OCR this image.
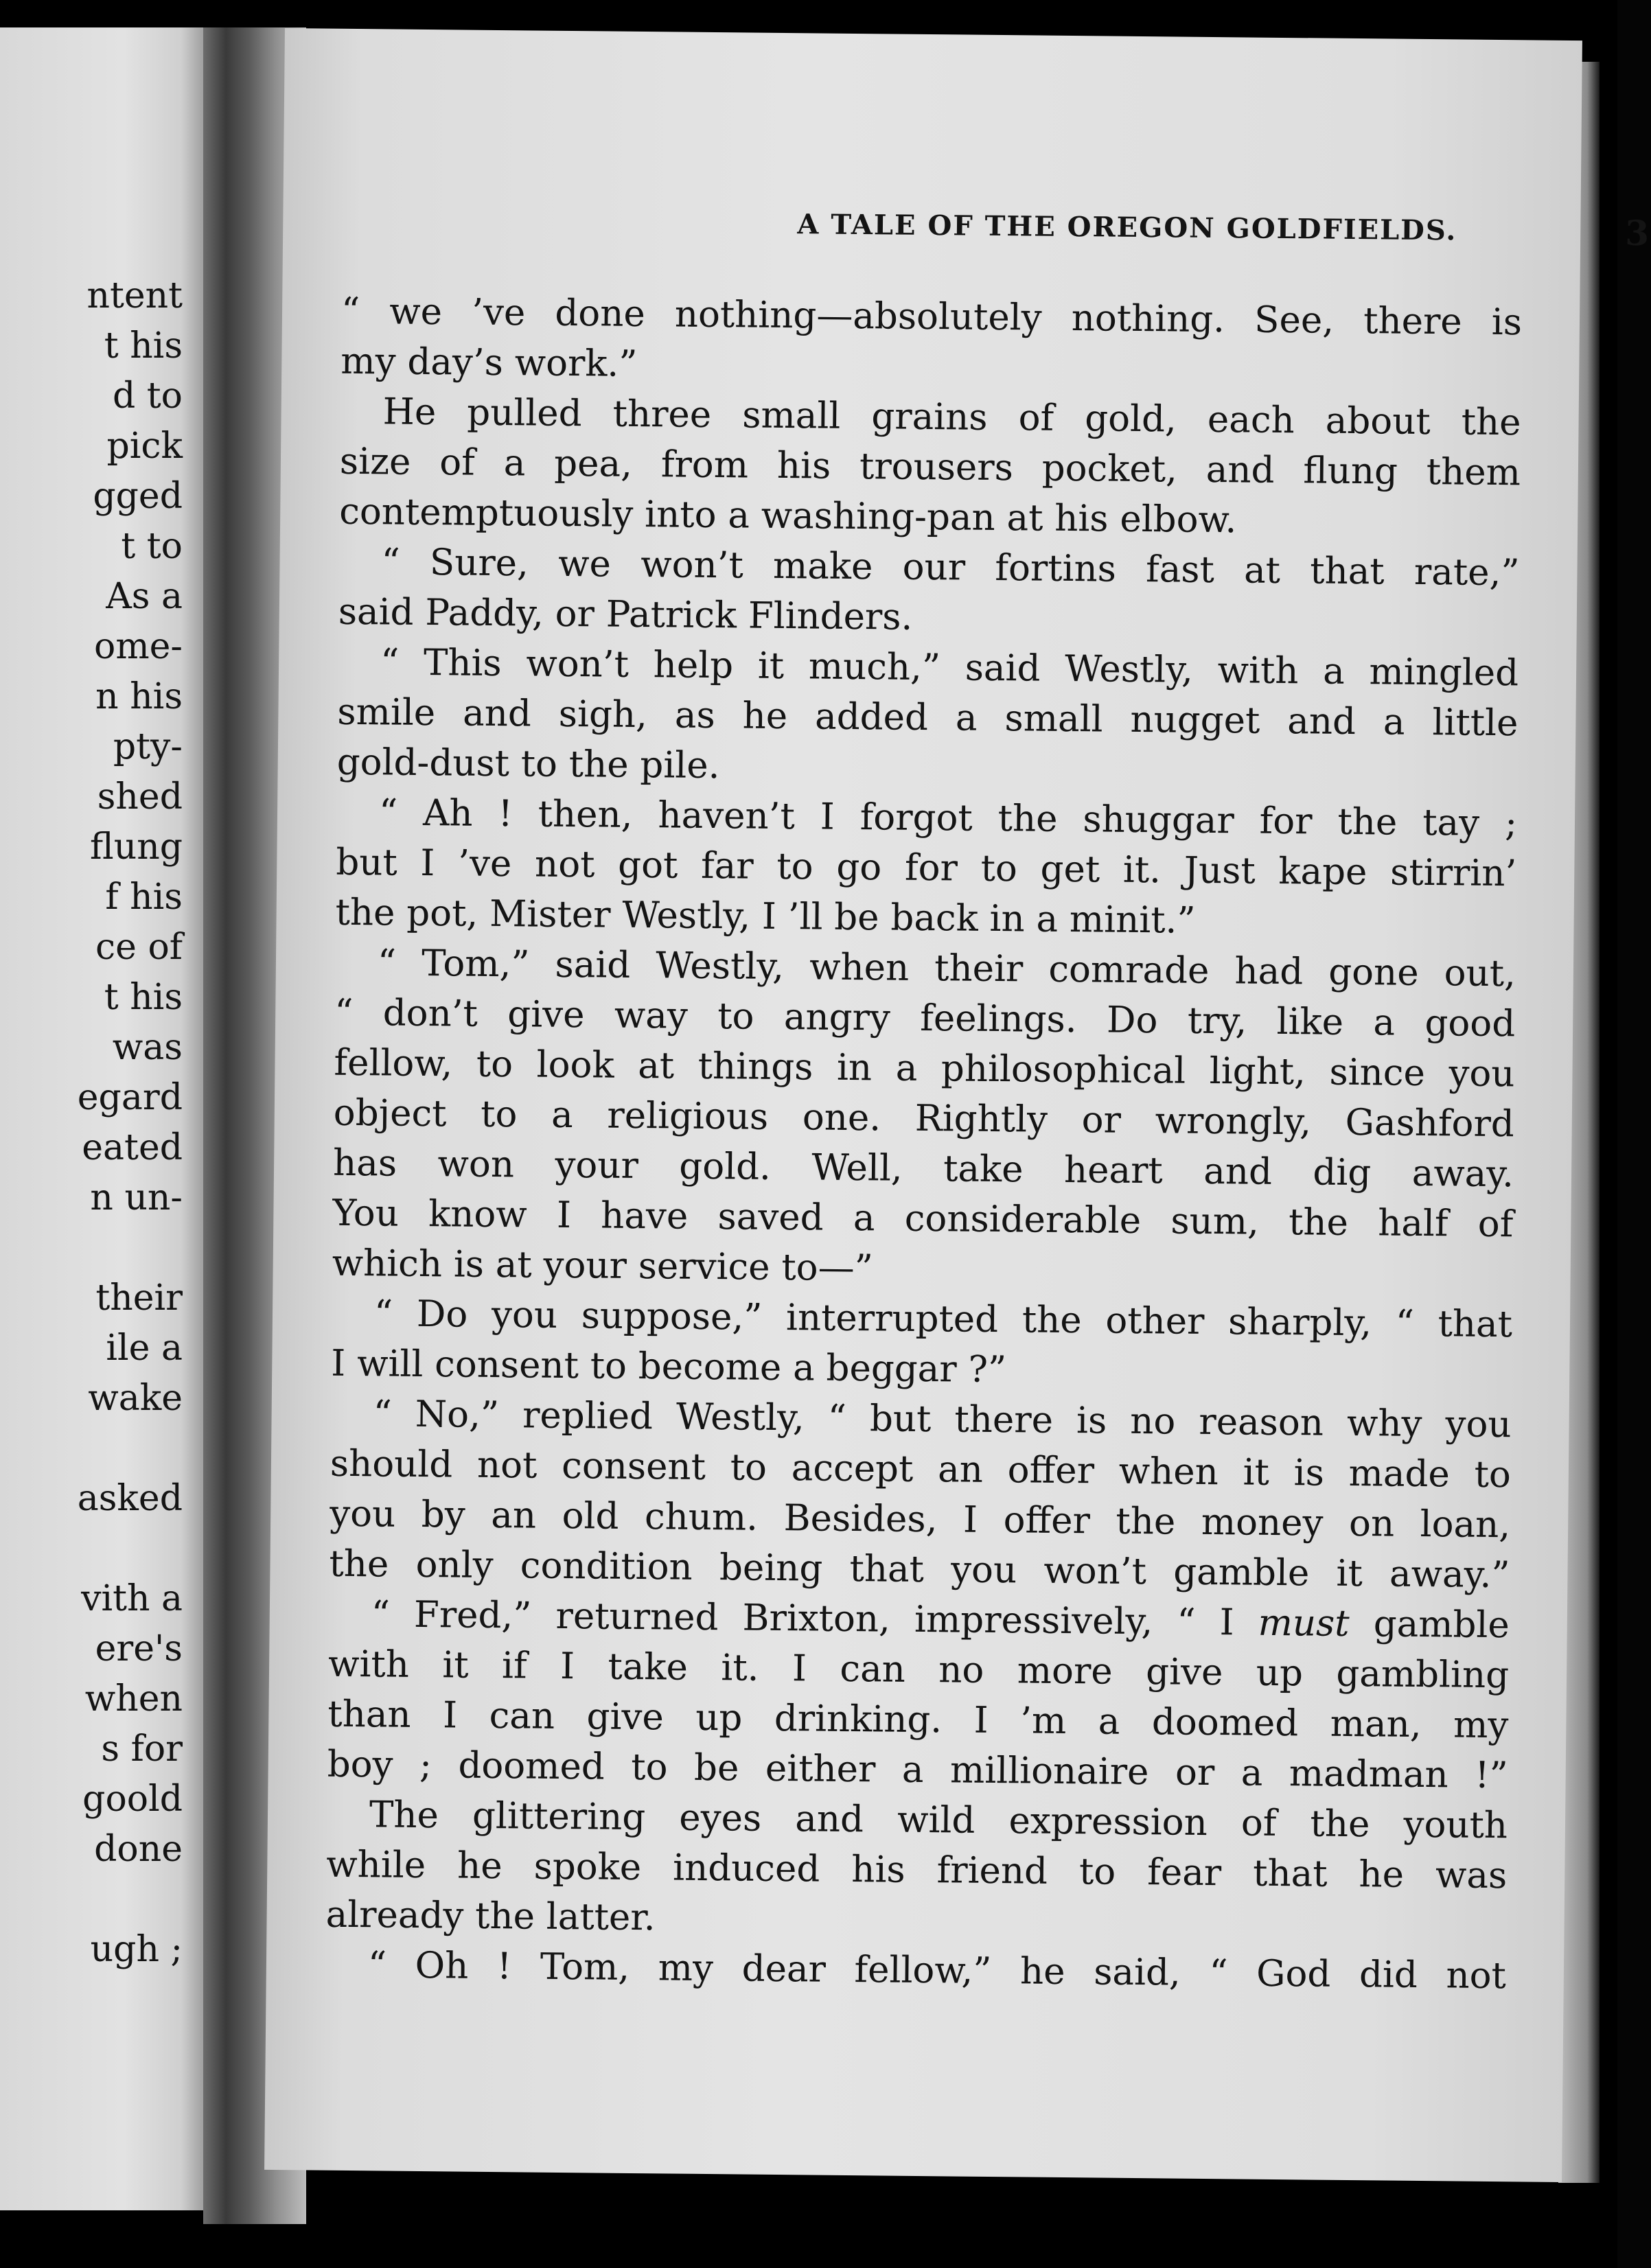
ntent
t his
d to
pick
gged
t to
As a
ome-
n his
pty-
shed
flung
f his
ce of
t his
was
egard
eated
n un-
their
ile a
wake
asked
vith a
ere's
when
s for
goold
done
ugh ;
A TALE OF THE OREGON GOLDFIELDS.	3
“ we ’ve done nothing—absolutely nothing. See, there is
my day’s work.”
He pulled three small grains of gold, each about the
size of a pea, from his trousers pocket, and flung them
contemptuously into a washing-pan at his elbow.
“ Sure, we won’t make our fortins fast at that rate,”
said Paddy, or Patrick Flinders.
“ This won’t help it much,” said Westly, with a mingled
smile and sigh, as he added a small nugget and a little
gold-dust to the pile.
“ Ah ! then, haven’t I forgot the shuggar for the tay ;
but I ’ve not got far to go for to get it. Just kape stirrin’
the pot, Mister Westly, I ’ll be back in a minit.”
“ Tom,” said Westly, when their comrade had gone out,
“ don’t give way to angry feelings. Do try, like a good
fellow, to look at things in a philosophical light, since you
object to a religious one. Rightly or wrongly, Gashford
has won your gold. Well, take heart and dig away.
You know I have saved a considerable sum, the half of
which is at your service to—”
“ Do you suppose,” interrupted the other sharply, “ that
I will consent to become a beggar ?”
“ No,” replied Westly, “ but there is no reason why you
should not consent to accept an offer when it is made to
you by an old chum. Besides, I offer the money on loan,
the only condition being that you won’t gamble it away.”
“ Fred,” returned Brixton, impressively, “ I must gamble
with it if I take it. I can no more give up gambling
than I can give up drinking. I ’m a doomed man, my
boy ; doomed to be either a millionaire or a madman !”
The glittering eyes and wild expression of the youth
while he spoke induced his friend to fear that he was
already the latter.
“ Oh ! Tom, my dear fellow,” he said, “ God did not
